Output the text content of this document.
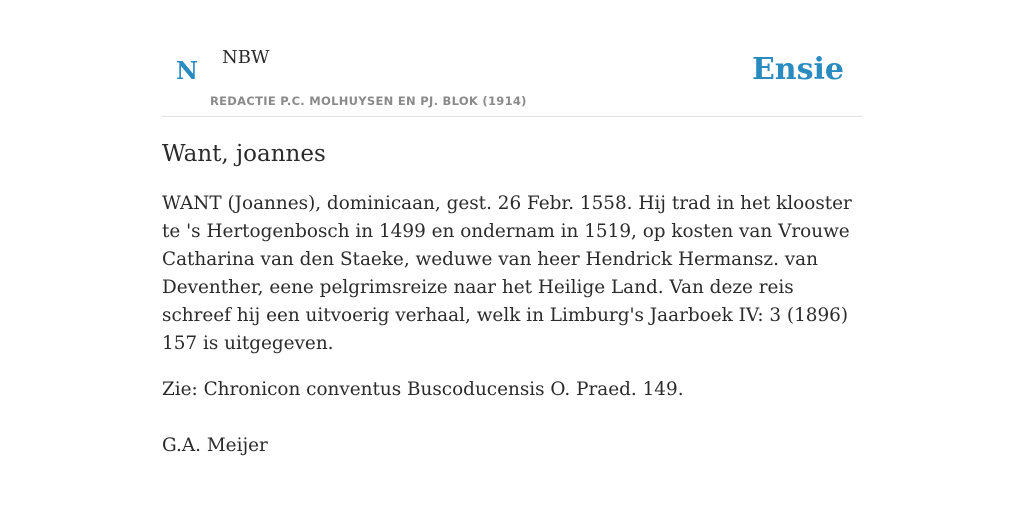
N NBW
REDACTIE P.C. MOLHUYSEN EN PJ. BLOK (1914)
Ensie
Want, joannes

WANT (Joannes), dominicaan, gest. 26 Febr. 1558. Hij trad in het klooster te 's Hertogenbosch in 1499 en ondernam in 1519, op kosten van Vrouwe Catharina van den Staeke, weduwe van heer Hendrick Hermansz. van Deventher, eene pelgrimsreize naar het Heilige Land. Van deze reis schreef hij een uitvoerig verhaal, welk in Limburg's Jaarboek IV: 3 (1896) 157 is uitgegeven.

Zie: Chronicon conventus Buscoducensis O. Praed. 149.

G.A. Meijer
